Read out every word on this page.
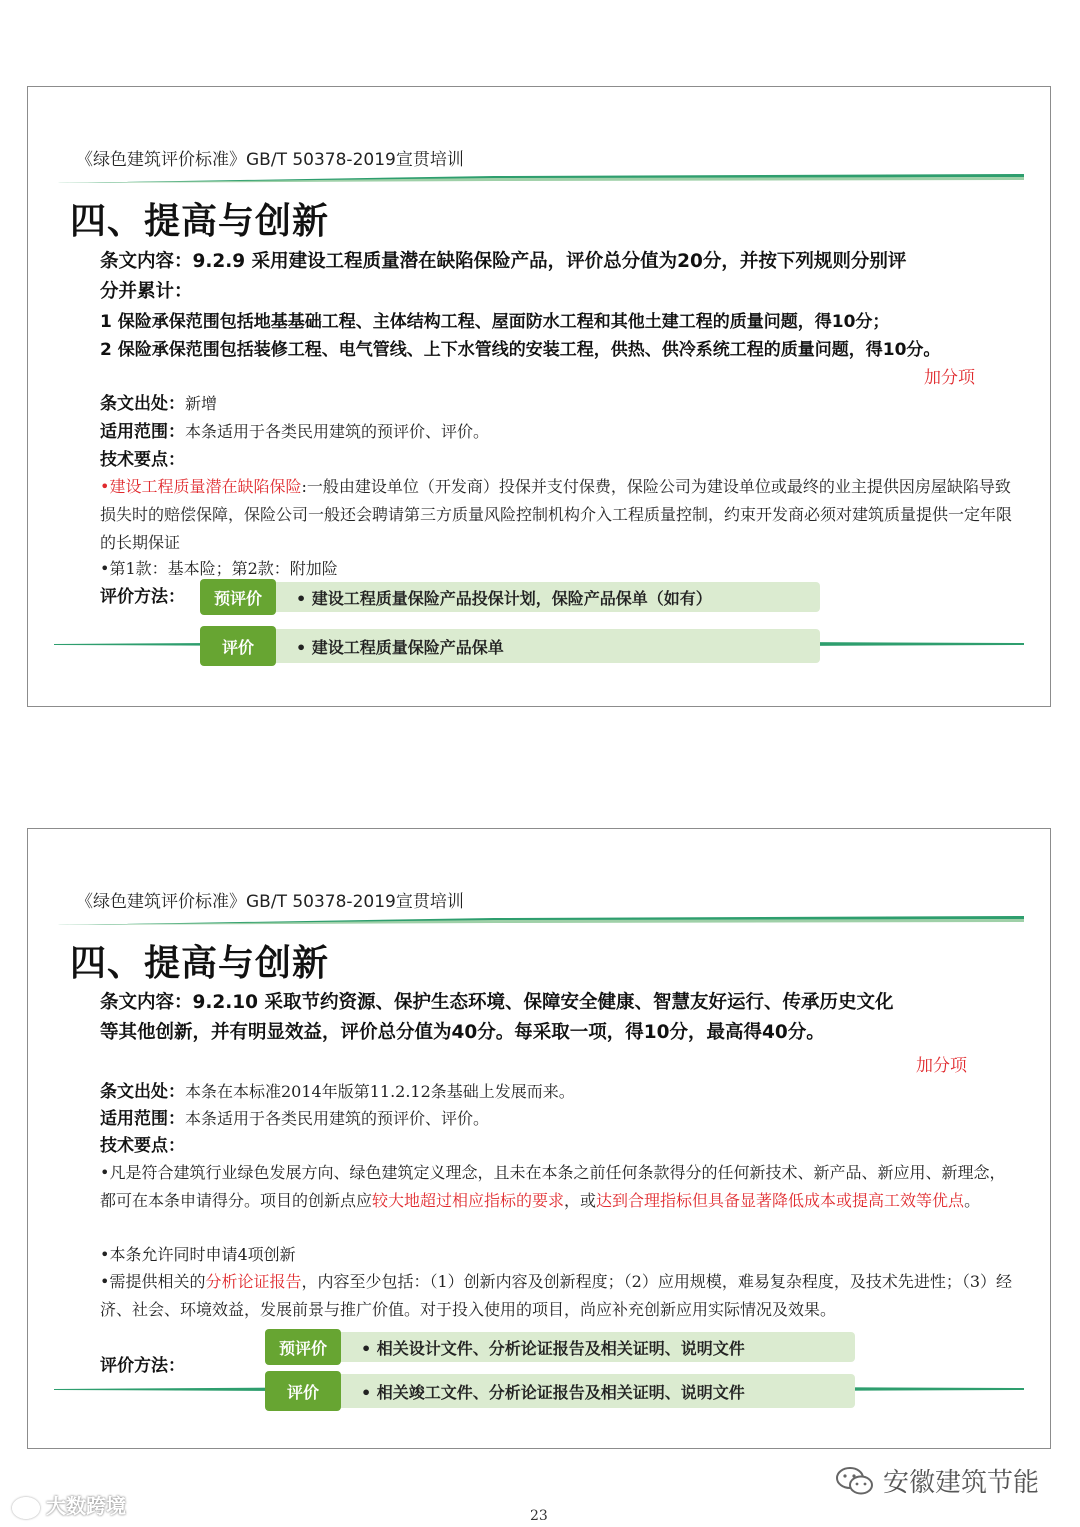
《绿色建筑评价标准》GB/T 50378-2019宣贯培训
四、提高与创新
条文内容：9.2.9 采用建设工程质量潜在缺陷保险产品，评价总分值为20分，并按下列规则分别评
分并累计：
1 保险承保范围包括地基基础工程、主体结构工程、屋面防水工程和其他土建工程的质量问题，得10分；
2 保险承保范围包括装修工程、电气管线、上下水管线的安装工程，供热、供冷系统工程的质量问题，得10分。
加分项
条文出处：新增
适用范围：本条适用于各类民用建筑的预评价、评价。
技术要点：
•建设工程质量潜在缺陷保险:一般由建设单位（开发商）投保并支付保费，保险公司为建设单位或最终的业主提供因房屋缺陷导致损失时的赔偿保障，保险公司一般还会聘请第三方质量风险控制机构介入工程质量控制，约束开发商必须对建筑质量提供一定年限的长期保证
•第1款：基本险；第2款：附加险
评价方法：	预评价	• 建设工程质量保险产品投保计划，保险产品保单（如有）
评价	• 建设工程质量保险产品保单
《绿色建筑评价标准》GB/T 50378-2019宣贯培训
四、提高与创新
条文内容：9.2.10 采取节约资源、保护生态环境、保障安全健康、智慧友好运行、传承历史文化
等其他创新，并有明显效益，评价总分值为40分。每采取一项，得10分，最高得40分。
加分项
条文出处：本条在本标准2014年版第11.2.12条基础上发展而来。
适用范围：本条适用于各类民用建筑的预评价、评价。
技术要点：
•凡是符合建筑行业绿色发展方向、绿色建筑定义理念，且未在本条之前任何条款得分的任何新技术、新产品、新应用、新理念，都可在本条申请得分。项目的创新点应较大地超过相应指标的要求，或达到合理指标但具备显著降低成本或提高工效等优点。
•本条允许同时申请4项创新
•需提供相关的分析论证报告，内容至少包括：（1）创新内容及创新程度；（2）应用规模，难易复杂程度，及技术先进性；（3）经济、社会、环境效益，发展前景与推广价值。对于投入使用的项目，尚应补充创新应用实际情况及效果。
评价方法：
预评价	• 相关设计文件、分析论证报告及相关证明、说明文件
评价	• 相关竣工文件、分析论证报告及相关证明、说明文件
大数跨境
安徽建筑节能
23
